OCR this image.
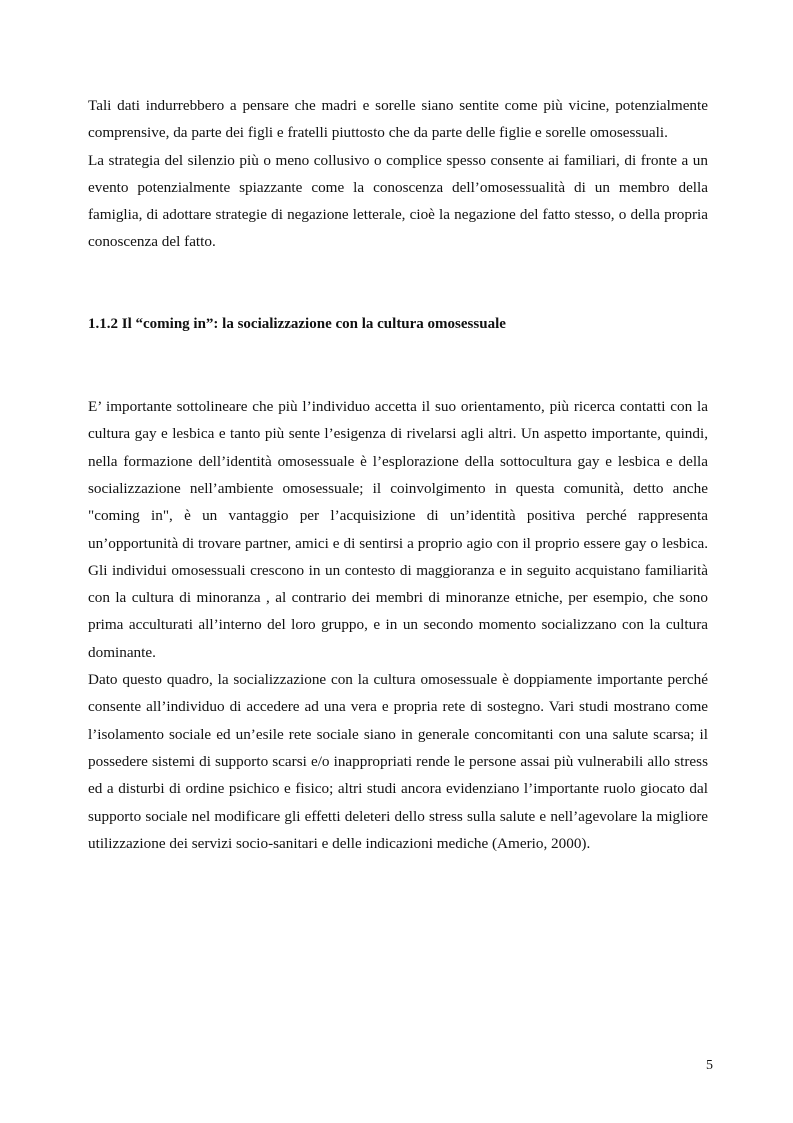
Tali dati indurrebbero a pensare che madri e sorelle siano sentite come più vicine, potenzialmente comprensive, da parte dei figli e fratelli piuttosto che da parte delle figlie e sorelle omosessuali.

La strategia del silenzio più o meno collusivo o complice spesso consente ai familiari, di fronte a un evento potenzialmente spiazzante come la conoscenza dell’omosessualità di un membro della famiglia, di adottare strategie di negazione letterale, cioè la negazione del fatto stesso, o della propria conoscenza del fatto.

1.1.2 Il “coming in”: la socializzazione con la cultura omosessuale

E’ importante sottolineare che più l’individuo accetta il suo orientamento, più ricerca contatti con la cultura gay e lesbica e tanto più sente l’esigenza di rivelarsi agli altri. Un aspetto importante, quindi, nella formazione dell’identità omosessuale è l’esplorazione della sottocultura gay e lesbica e della socializzazione nell’ambiente omosessuale; il coinvolgimento in questa comunità, detto anche "coming in", è un vantaggio per l’acquisizione di un’identità positiva perché rappresenta un’opportunità di trovare partner, amici e di sentirsi a proprio agio con il proprio essere gay o lesbica. Gli individui omosessuali crescono in un contesto di maggioranza e in seguito acquistano familiarità con la cultura di minoranza , al contrario dei membri di minoranze etniche, per esempio, che sono prima acculturati all’interno del loro gruppo, e in un secondo momento socializzano con la cultura dominante.

Dato questo quadro, la socializzazione con la cultura omosessuale è doppiamente importante perché consente all’individuo di accedere ad una vera e propria rete di sostegno. Vari studi mostrano come l’isolamento sociale ed un’esile rete sociale siano in generale concomitanti con una salute scarsa; il possedere sistemi di supporto scarsi e/o inappropriati rende le persone assai più vulnerabili allo stress ed a disturbi di ordine psichico e fisico; altri studi ancora evidenziano l’importante ruolo giocato dal supporto sociale nel modificare gli effetti deleteri dello stress sulla salute e nell’agevolare la migliore utilizzazione dei servizi socio-sanitari e delle indicazioni mediche (Amerio, 2000).

5
